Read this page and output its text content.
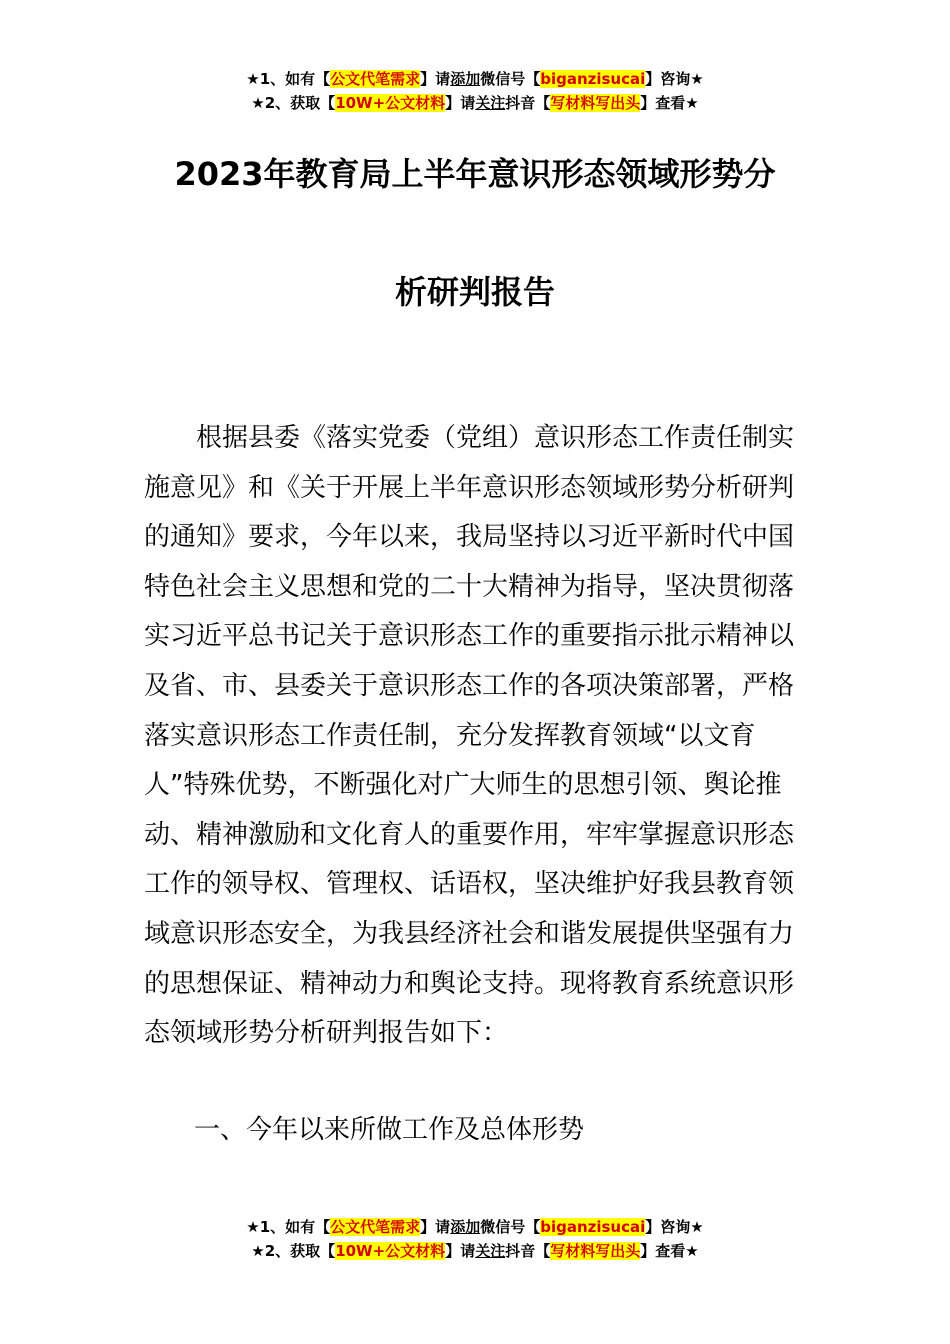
★1、如有【公文代笔需求】请添加微信号【biganzisucai】咨询★
★2、获取【10W+公文材料】请关注抖音【写材料写出头】查看★
2023年教育局上半年意识形态领域形势分
析研判报告
根据县委《落实党委（党组）意识形态工作责任制实
施意见》和《关于开展上半年意识形态领域形势分析研判
的通知》要求，今年以来，我局坚持以习近平新时代中国
特色社会主义思想和党的二十大精神为指导，坚决贯彻落
实习近平总书记关于意识形态工作的重要指示批示精神以
及省、市、县委关于意识形态工作的各项决策部署，严格
落实意识形态工作责任制，充分发挥教育领域“以文育
人”特殊优势，不断强化对广大师生的思想引领、舆论推
动、精神激励和文化育人的重要作用，牢牢掌握意识形态
工作的领导权、管理权、话语权，坚决维护好我县教育领
域意识形态安全，为我县经济社会和谐发展提供坚强有力
的思想保证、精神动力和舆论支持。现将教育系统意识形
态领域形势分析研判报告如下：
一、今年以来所做工作及总体形势
★1、如有【公文代笔需求】请添加微信号【biganzisucai】咨询★
★2、获取【10W+公文材料】请关注抖音【写材料写出头】查看★
